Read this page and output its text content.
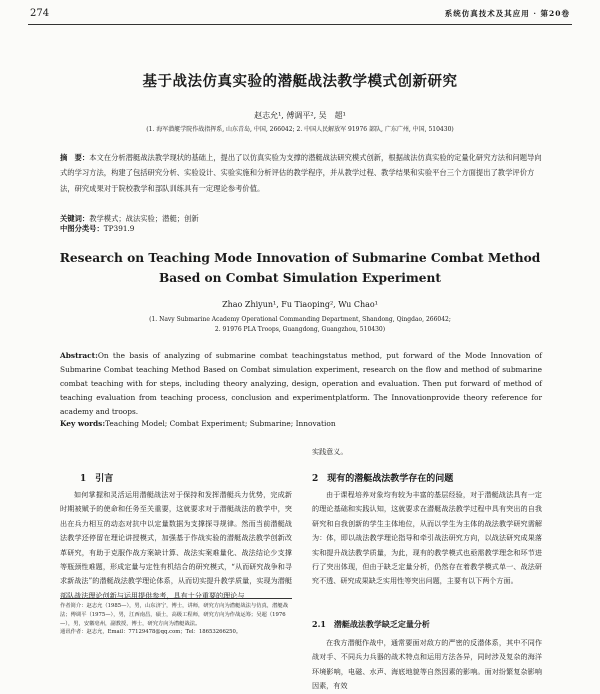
274	系统仿真技术及其应用 · 第20卷
基于战法仿真实验的潜艇战法教学模式创新研究
赵志允¹, 傅调平², 吴　超¹
(1. 海军潜艇学院作战指挥系, 山东青岛, 中国, 266042; 2. 中国人民解放军 91976 部队, 广东广州, 中国, 510430)
摘　要：本文在分析潜艇战法教学现状的基础上，提出了以仿真实验为支撑的潜艇战法研究模式创新，根据战法仿真实验的定量化研究方法和问题导向式的学习方法，构建了包括研究分析、实验设计、实验实施和分析评估的教学程序，并从教学过程、教学结果和实验平台三个方面提出了教学评价方法，研究成果对于院校教学和部队训练具有一定理论参考价值。
关键词：教学模式；战法实验；潜艇；创新
中图分类号：TP391.9
Research on Teaching Mode Innovation of Submarine Combat Method
Based on Combat Simulation Experiment
Zhao Zhiyun¹, Fu Tiaoping², Wu Chao¹
(1. Navy Submarine Academy Operational Commanding Department, Shandong, Qingdao, 266042;
2. 91976 PLA Troops, Guangdong, Guangzhou, 510430)
Abstract:On the basis of analyzing of submarine combat teachingstatus method, put forward of the Mode Innovation of Submarine Combat teaching Method Based on Combat simulation experiment, research on the flow and method of submarine combat teaching with for steps, including theory analyzing, design, operation and evaluation. Then put forward of method of teaching evaluation from teaching process, conclusion and experimentplatform. The Innovationprovide theory reference for academy and troops.
Key words:Teaching Model; Combat Experiment; Submarine; Innovation
1　引言
如何掌握和灵活运用潜艇战法对于保持和发挥潜艇兵力优势，完成新时期被赋予的使命和任务至关重要，这就要求对于潜艇战法的教学中，突出在兵力相互的动态对抗中以定量数据为支撑探寻规律。然而当前潜艇战法教学还停留在理论讲授模式，加强基于作战实验的潜艇战法教学创新改革研究，有助于克服作战方案缺计算、战法实案难量化、战法结论少支撑等瓶颈性难题，形成定量与定性有机结合的研究模式，“从而研究战争和寻求新战法”的潜艇战法教学理论体系，从而切实提升教学质量，实现为潜艇部队战法理论创新与运用提供参考，具有十分重要的理论与
作者简介：赵志允（1985—），男，山东济宁，博士，讲师，研究方向为潜艇战法与仿真，潜艇战法；傅调平（1975—），男，江西南昌，硕士，高级工程师，研究方向为作战运筹；吴超（1976—），男，安徽亳州，副教授，博士，研究方向为潜艇战法。
通讯作者：赵志允，Email：77129478@qq.com；Tel：18653266250。
实践意义。
2　现有的潜艇战法教学存在的问题
由于课程培养对象均有较为丰富的基层经验，对于潜艇战法具有一定的理论基础和实践认知，这就要求在潜艇战法教学过程中具有突出的自我研究和自我创新的学生主体地位，从而以学生为主体的战法教学研究需解为：体，即以战法教学理论指导和牵引战法研究方向，以战法研究成果落实和提升战法教学质量，为此，现有的教学模式也亟需教学理念和环节进行了突出体现，但由于缺乏定量分析，仍然存在着教学模式单一、战法研究不透、研究成果缺乏实用性等突出问题，主要有以下两个方面。
2.1　潜艇战法教学缺乏定量分析
在我方潜艇作战中，通常要面对敌方的严密的反潜体系，其中不同作战对手、不同兵力兵器的战术特点和运用方法各异，同时涉及复杂的海洋环境影响，电磁、水声、海底地貌等自然因素的影响。面对纷繁复杂影响因素，有效
